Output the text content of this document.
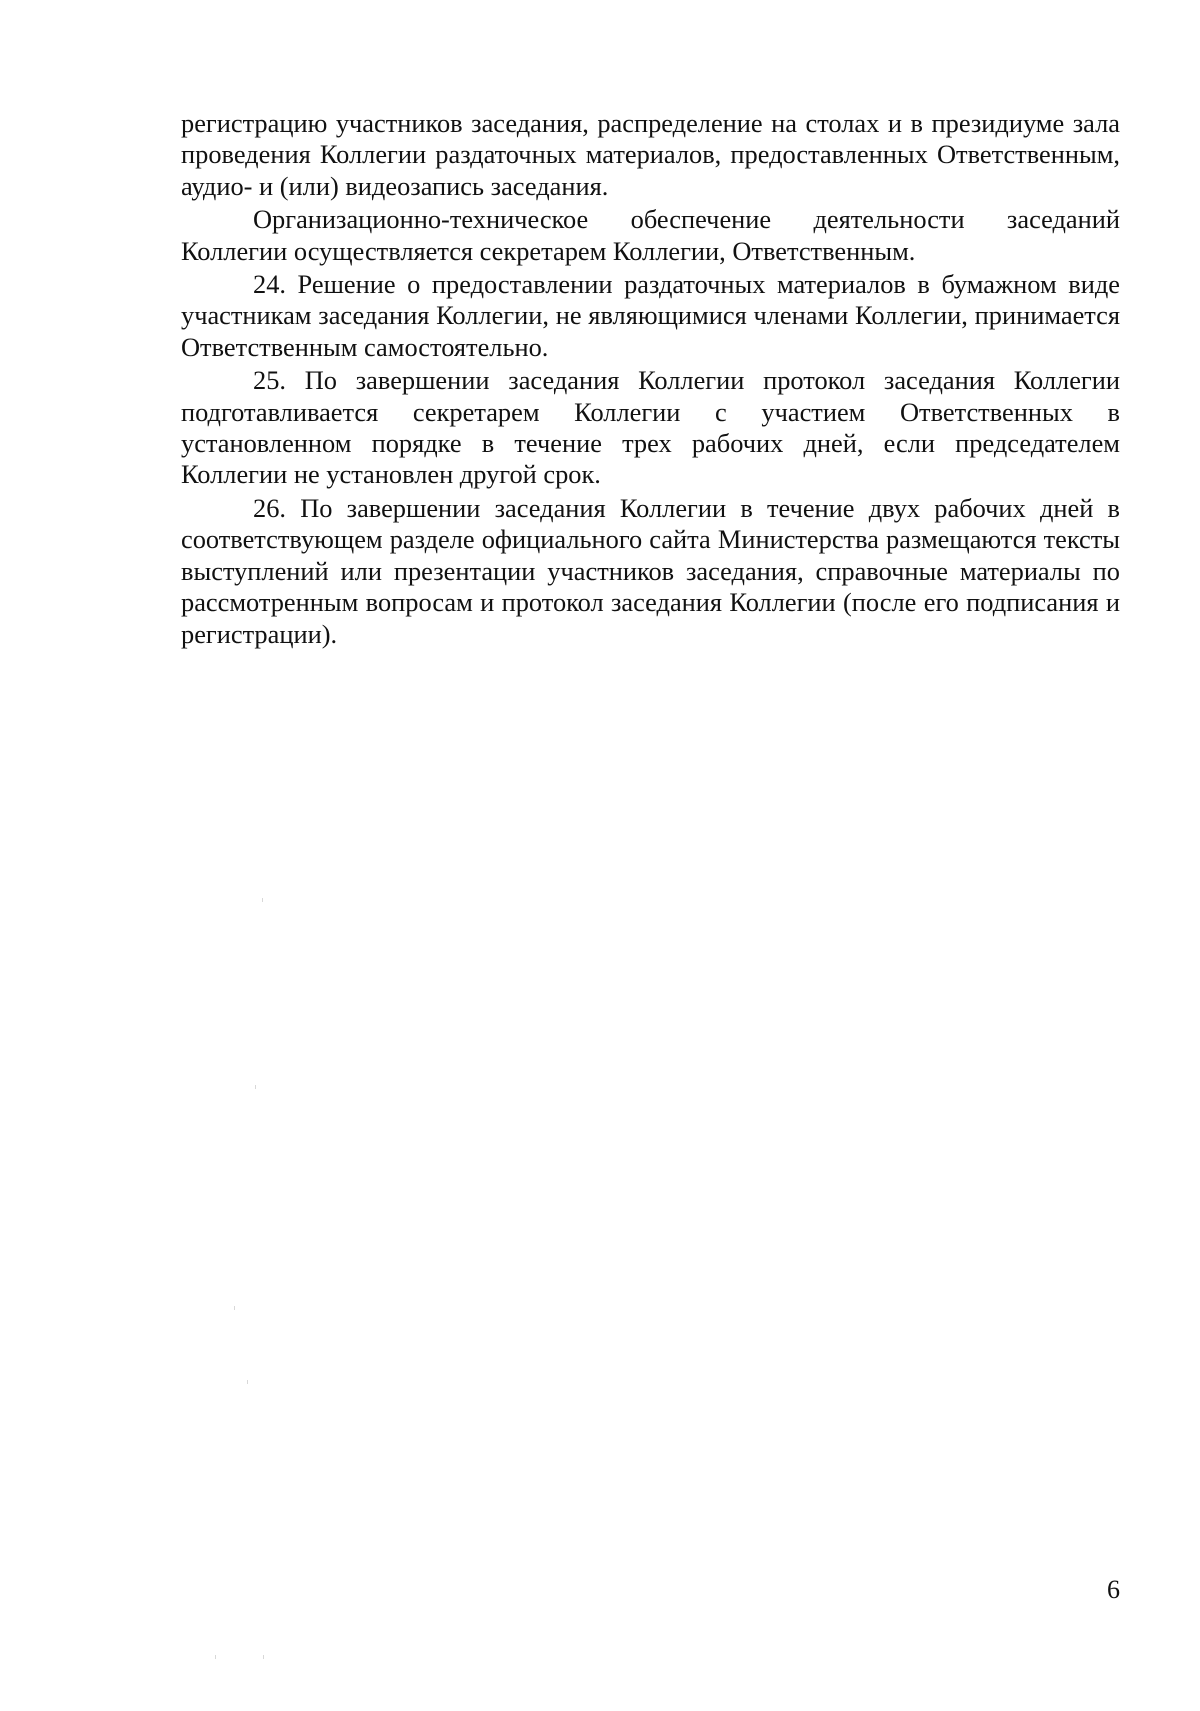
регистрацию участников заседания, распределение на столах и в президиуме зала проведения Коллегии раздаточных материалов, предоставленных Ответственным, аудио- и (или) видеозапись заседания.

Организационно-техническое обеспечение деятельности заседаний Коллегии осуществляется секретарем Коллегии, Ответственным.

24. Решение о предоставлении раздаточных материалов в бумажном виде участникам заседания Коллегии, не являющимися членами Коллегии, принимается Ответственным самостоятельно.

25. По завершении заседания Коллегии протокол заседания Коллегии подготавливается секретарем Коллегии с участием Ответственных в установленном порядке в течение трех рабочих дней, если председателем Коллегии не установлен другой срок.

26. По завершении заседания Коллегии в течение двух рабочих дней в соответствующем разделе официального сайта Министерства размещаются тексты выступлений или презентации участников заседания, справочные материалы по рассмотренным вопросам и протокол заседания Коллегии (после его подписания и регистрации).

6
